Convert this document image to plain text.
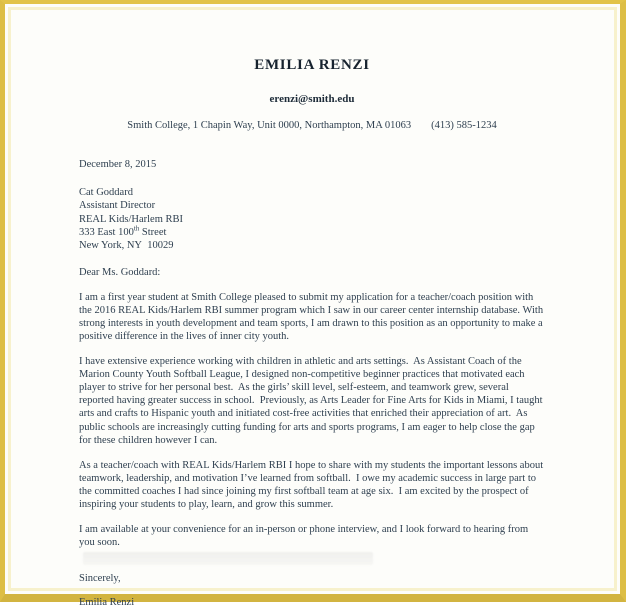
EMILIA RENZI
erenzi@smith.edu
Smith College, 1 Chapin Way, Unit 0000, Northampton, MA 01063 (413) 585-1234
December 8, 2015
Cat Goddard
Assistant Director
REAL Kids/Harlem RBI
333 East 100th Street
New York, NY  10029
Dear Ms. Goddard:

I am a first year student at Smith College pleased to submit my application for a teacher/coach position with the 2016 REAL Kids/Harlem RBI summer program which I saw in our career center internship database. With strong interests in youth development and team sports, I am drawn to this position as an opportunity to make a positive difference in the lives of inner city youth.

I have extensive experience working with children in athletic and arts settings.  As Assistant Coach of the Marion County Youth Softball League, I designed non-competitive beginner practices that motivated each player to strive for her personal best.  As the girls’ skill level, self-esteem, and teamwork grew, several reported having greater success in school.  Previously, as Arts Leader for Fine Arts for Kids in Miami, I taught arts and crafts to Hispanic youth and initiated cost-free activities that enriched their appreciation of art.  As public schools are increasingly cutting funding for arts and sports programs, I am eager to help close the gap for these children however I can.

As a teacher/coach with REAL Kids/Harlem RBI I hope to share with my students the important lessons about teamwork, leadership, and motivation I’ve learned from softball.  I owe my academic success in large part to the committed coaches I had since joining my first softball team at age six.  I am excited by the prospect of inspiring your students to play, learn, and grow this summer.

I am available at your convenience for an in-person or phone interview, and I look forward to hearing from you soon.

Sincerely,
Emilia Renzi
